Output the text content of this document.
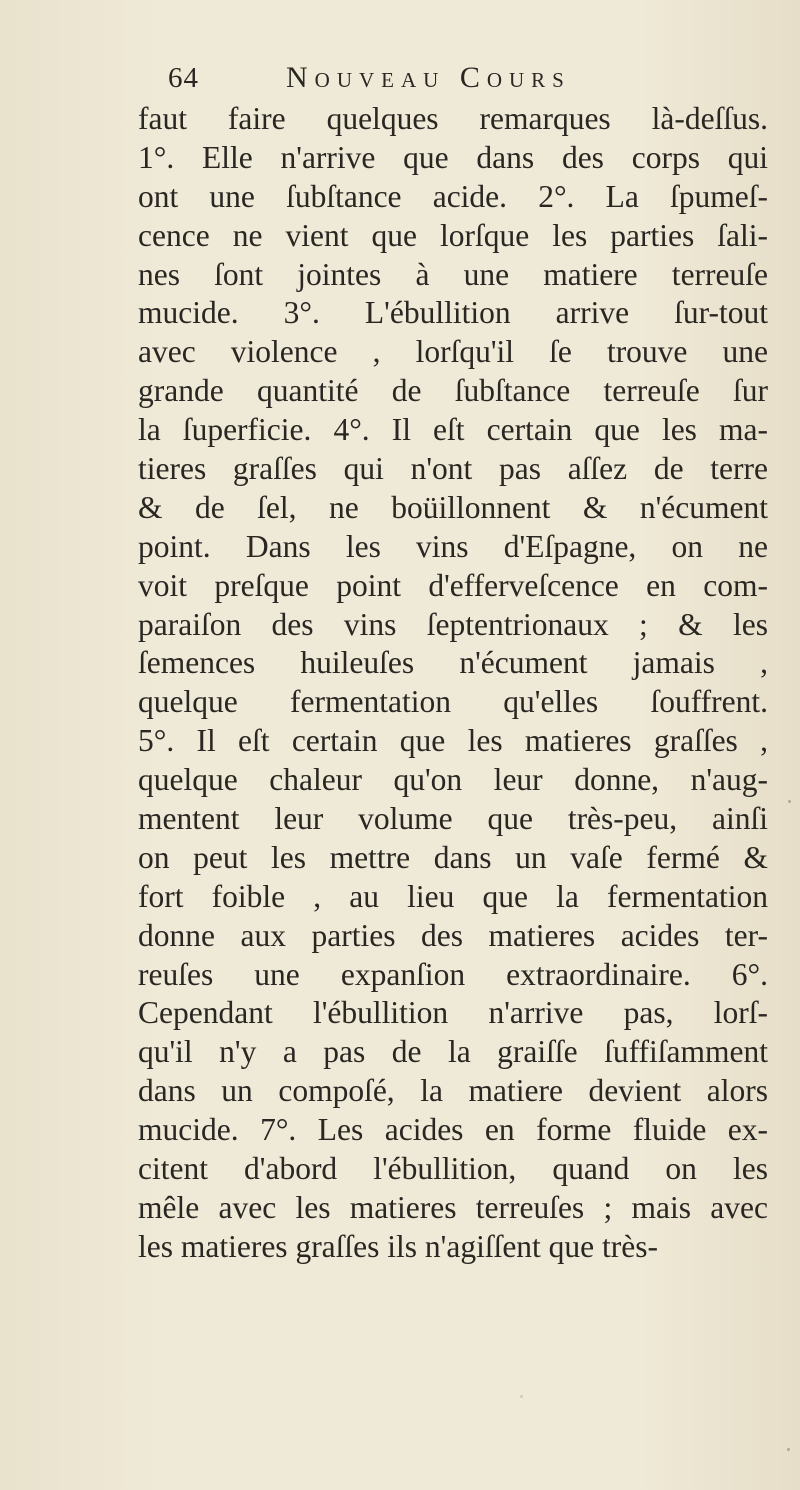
64	Nouveau Cours
faut faire quelques remarques là-deſſus.
1°. Elle n'arrive que dans des corps qui
ont une ſubſtance acide. 2°. La ſpumeſ-
cence ne vient que lorſque les parties ſali-
nes ſont jointes à une matiere terreuſe
mucide. 3°. L'ébullition arrive ſur-tout
avec violence , lorſqu'il ſe trouve une
grande quantité de ſubſtance terreuſe ſur
la ſuperficie. 4°. Il eſt certain que les ma-
tieres graſſes qui n'ont pas aſſez de terre
& de ſel, ne boüillonnent & n'écument
point. Dans les vins d'Eſpagne, on ne
voit preſque point d'efferveſcence en com-
paraiſon des vins ſeptentrionaux ; & les
ſemences huileuſes n'écument jamais ,
quelque fermentation qu'elles ſouffrent.
5°. Il eſt certain que les matieres graſſes ,
quelque chaleur qu'on leur donne, n'aug-
mentent leur volume que très-peu, ainſi
on peut les mettre dans un vaſe fermé &
fort foible , au lieu que la fermentation
donne aux parties des matieres acides ter-
reuſes une expanſion extraordinaire. 6°.
Cependant l'ébullition n'arrive pas, lorſ-
qu'il n'y a pas de la graiſſe ſuffiſamment
dans un compoſé, la matiere devient alors
mucide. 7°. Les acides en forme fluide ex-
citent d'abord l'ébullition, quand on les
mêle avec les matieres terreuſes ; mais avec
les matieres graſſes ils n'agiſſent que très-
